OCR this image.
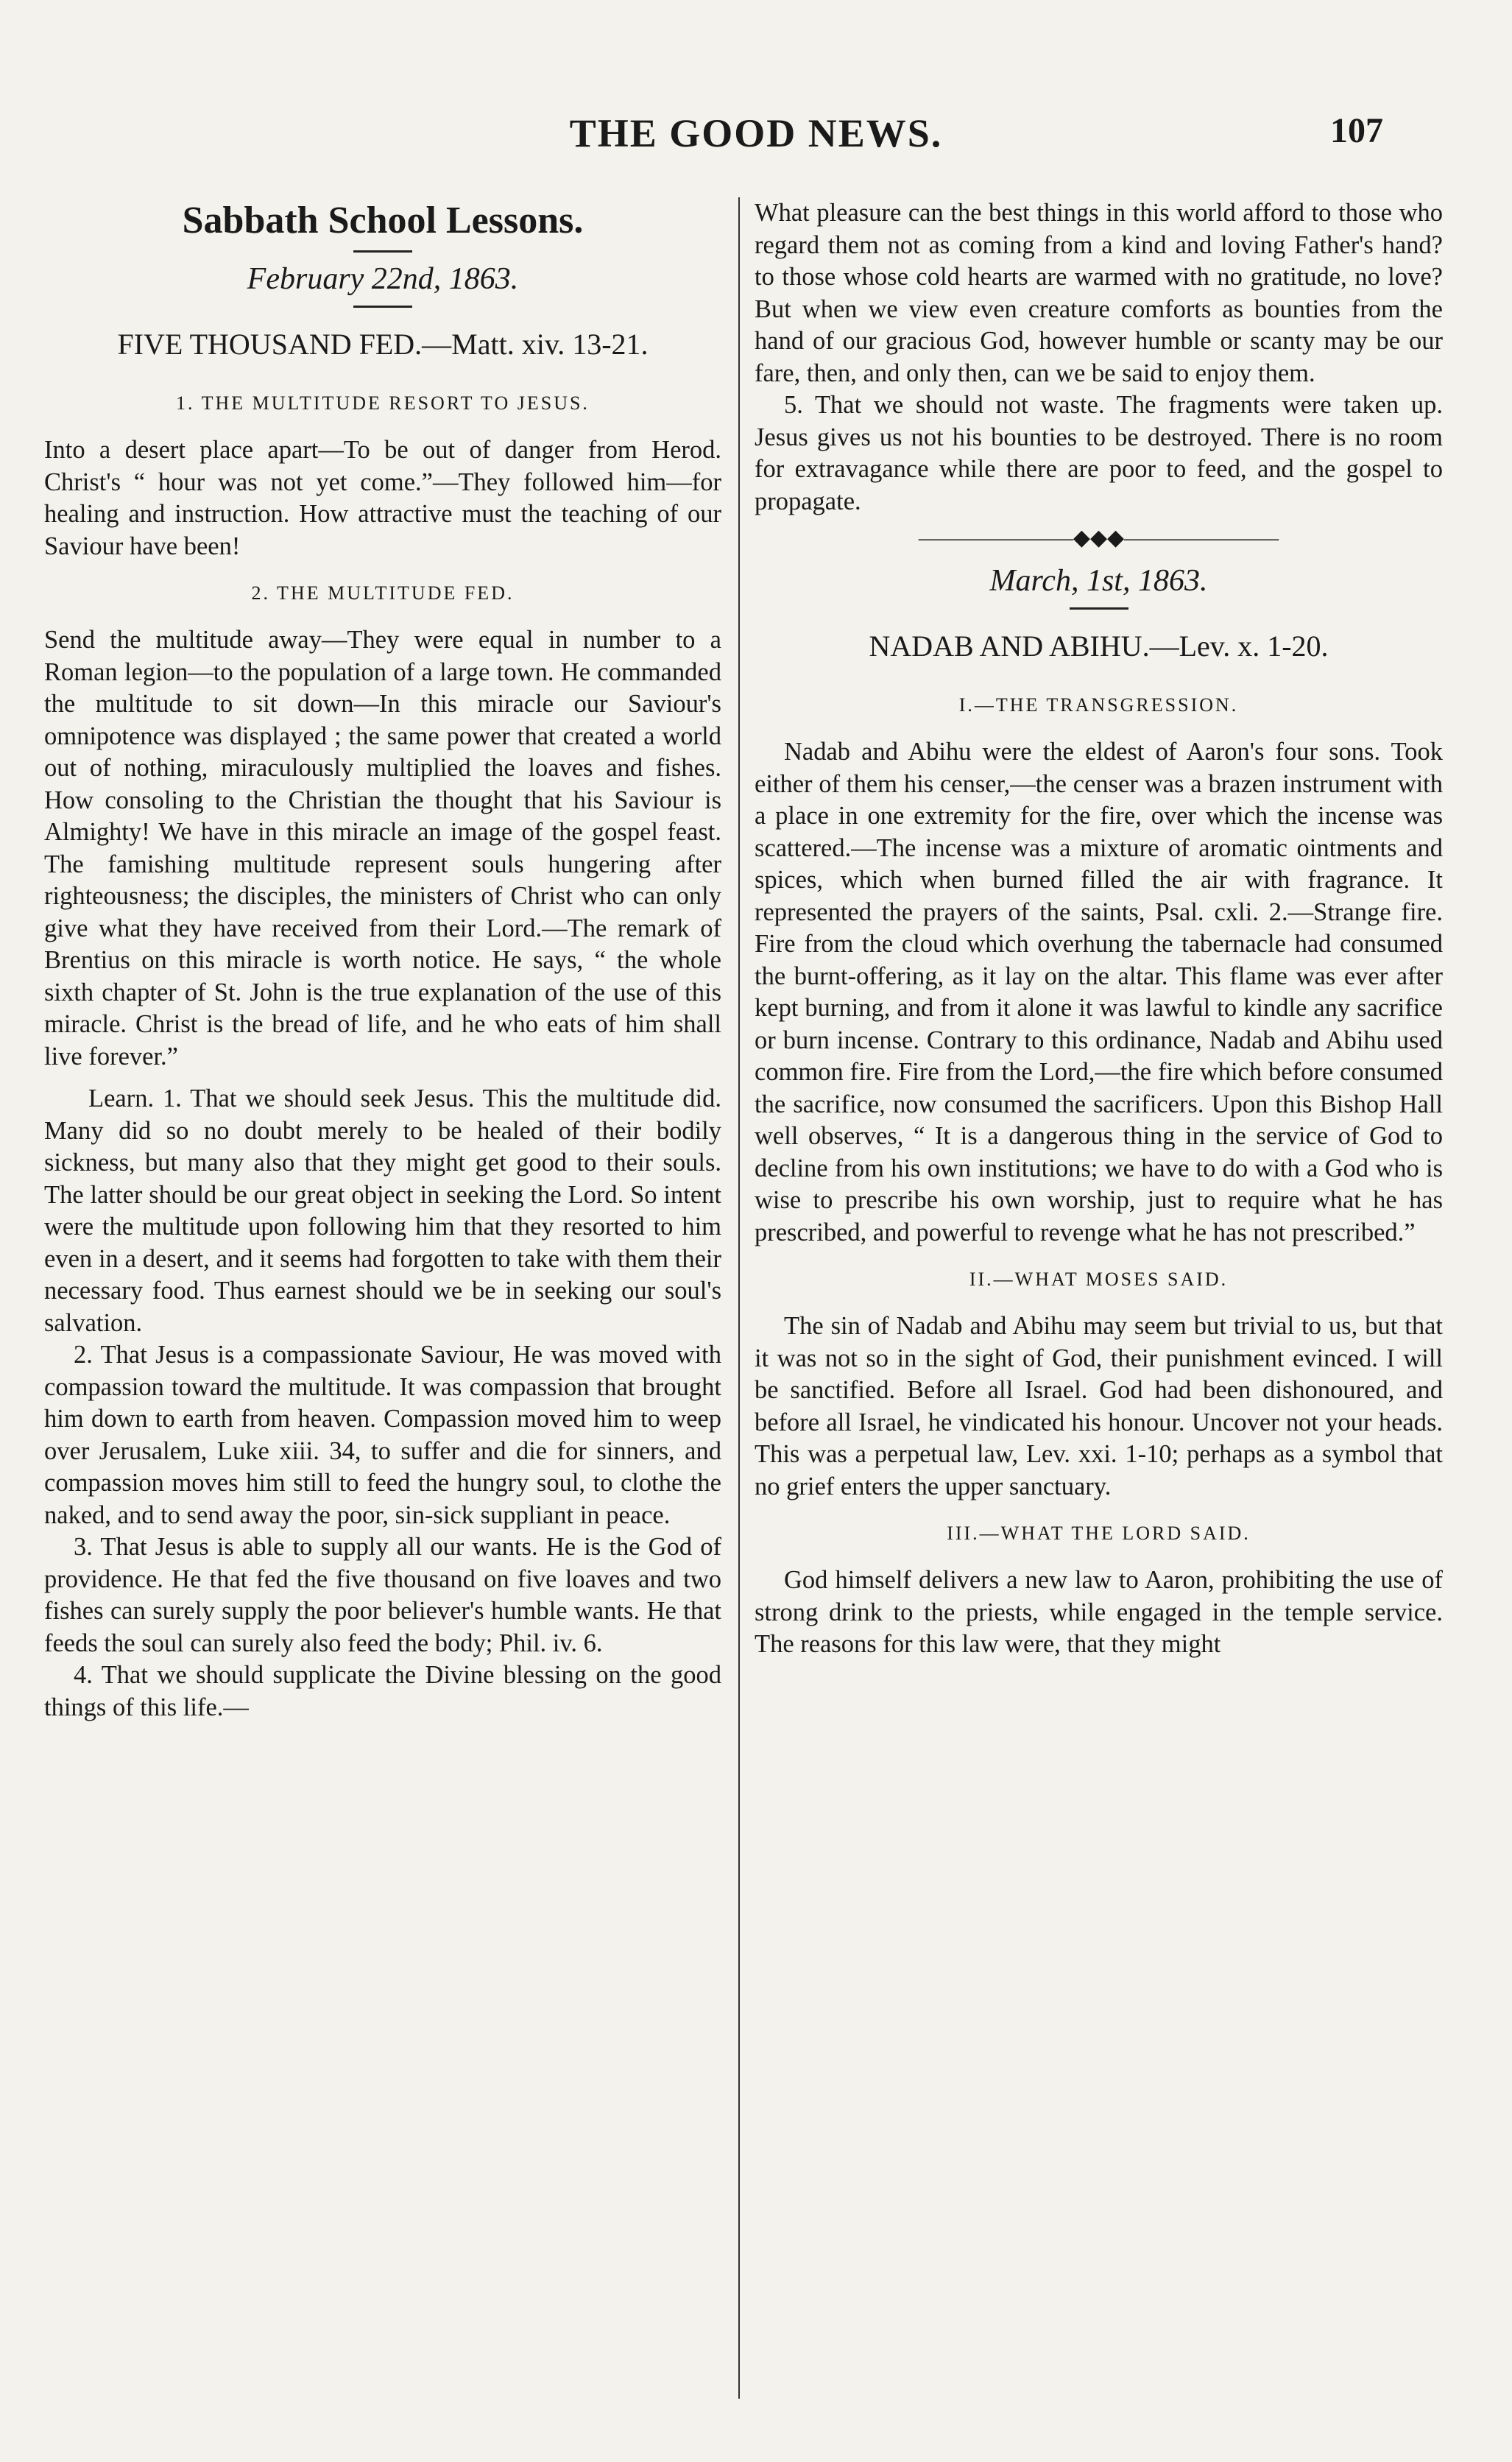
THE GOOD NEWS.	107
Sabbath School Lessons.
February 22nd, 1863.
FIVE THOUSAND FED.—Matt. xiv. 13-21.
1. THE MULTITUDE RESORT TO JESUS.

Into a desert place apart—To be out of danger from Herod. Christ's “ hour was not yet come.”—They followed him—for healing and instruction. How attractive must the teaching of our Saviour have been!

2. THE MULTITUDE FED.

Send the multitude away—They were equal in number to a Roman legion—to the population of a large town. He commanded the multitude to sit down—In this miracle our Saviour's omnipotence was displayed ; the same power that created a world out of nothing, miraculously multiplied the loaves and fishes. How consoling to the Christian the thought that his Saviour is Almighty! We have in this miracle an image of the gospel feast. The famishing multitude represent souls hungering after righteousness; the disciples, the ministers of Christ who can only give what they have received from their Lord.—The remark of Brentius on this miracle is worth notice. He says, “ the whole sixth chapter of St. John is the true explanation of the use of this miracle. Christ is the bread of life, and he who eats of him shall live forever.”

Learn. 1. That we should seek Jesus. This the multitude did. Many did so no doubt merely to be healed of their bodily sickness, but many also that they might get good to their souls. The latter should be our great object in seeking the Lord. So intent were the multitude upon following him that they resorted to him even in a desert, and it seems had forgotten to take with them their necessary food. Thus earnest should we be in seeking our soul's salvation.

2. That Jesus is a compassionate Saviour, He was moved with compassion toward the multitude. It was compassion that brought him down to earth from heaven. Compassion moved him to weep over Jerusalem, Luke xiii. 34, to suffer and die for sinners, and compassion moves him still to feed the hungry soul, to clothe the naked, and to send away the poor, sin-sick suppliant in peace.

3. That Jesus is able to supply all our wants. He is the God of providence. He that fed the five thousand on five loaves and two fishes can surely supply the poor believer's humble wants. He that feeds the soul can surely also feed the body; Phil. iv. 6.

4. That we should supplicate the Divine blessing on the good things of this life.—

What pleasure can the best things in this world afford to those who regard them not as coming from a kind and loving Father's hand? to those whose cold hearts are warmed with no gratitude, no love? But when we view even creature comforts as bounties from the hand of our gracious God, however humble or scanty may be our fare, then, and only then, can we be said to enjoy them.

5. That we should not waste. The fragments were taken up. Jesus gives us not his bounties to be destroyed. There is no room for extravagance while there are poor to feed, and the gospel to propagate.

———————◆◆◆———————
March, 1st, 1863.
NADAB AND ABIHU.—Lev. x. 1-20.
I.—THE TRANSGRESSION.

Nadab and Abihu were the eldest of Aaron's four sons. Took either of them his censer,—the censer was a brazen instrument with a place in one extremity for the fire, over which the incense was scattered.—The incense was a mixture of aromatic ointments and spices, which when burned filled the air with fragrance. It represented the prayers of the saints, Psal. cxli. 2.—Strange fire. Fire from the cloud which overhung the tabernacle had consumed the burnt-offering, as it lay on the altar. This flame was ever after kept burning, and from it alone it was lawful to kindle any sacrifice or burn incense. Contrary to this ordinance, Nadab and Abihu used common fire. Fire from the Lord,—the fire which before consumed the sacrifice, now consumed the sacrificers. Upon this Bishop Hall well observes, “ It is a dangerous thing in the service of God to decline from his own institutions; we have to do with a God who is wise to prescribe his own worship, just to require what he has prescribed, and powerful to revenge what he has not prescribed.”

II.—WHAT MOSES SAID.

The sin of Nadab and Abihu may seem but trivial to us, but that it was not so in the sight of God, their punishment evinced. I will be sanctified. Before all Israel. God had been dishonoured, and before all Israel, he vindicated his honour. Uncover not your heads. This was a perpetual law, Lev. xxi. 1-10; perhaps as a symbol that no grief enters the upper sanctuary.

III.—WHAT THE LORD SAID.

God himself delivers a new law to Aaron, prohibiting the use of strong drink to the priests, while engaged in the temple service. The reasons for this law were, that they might
